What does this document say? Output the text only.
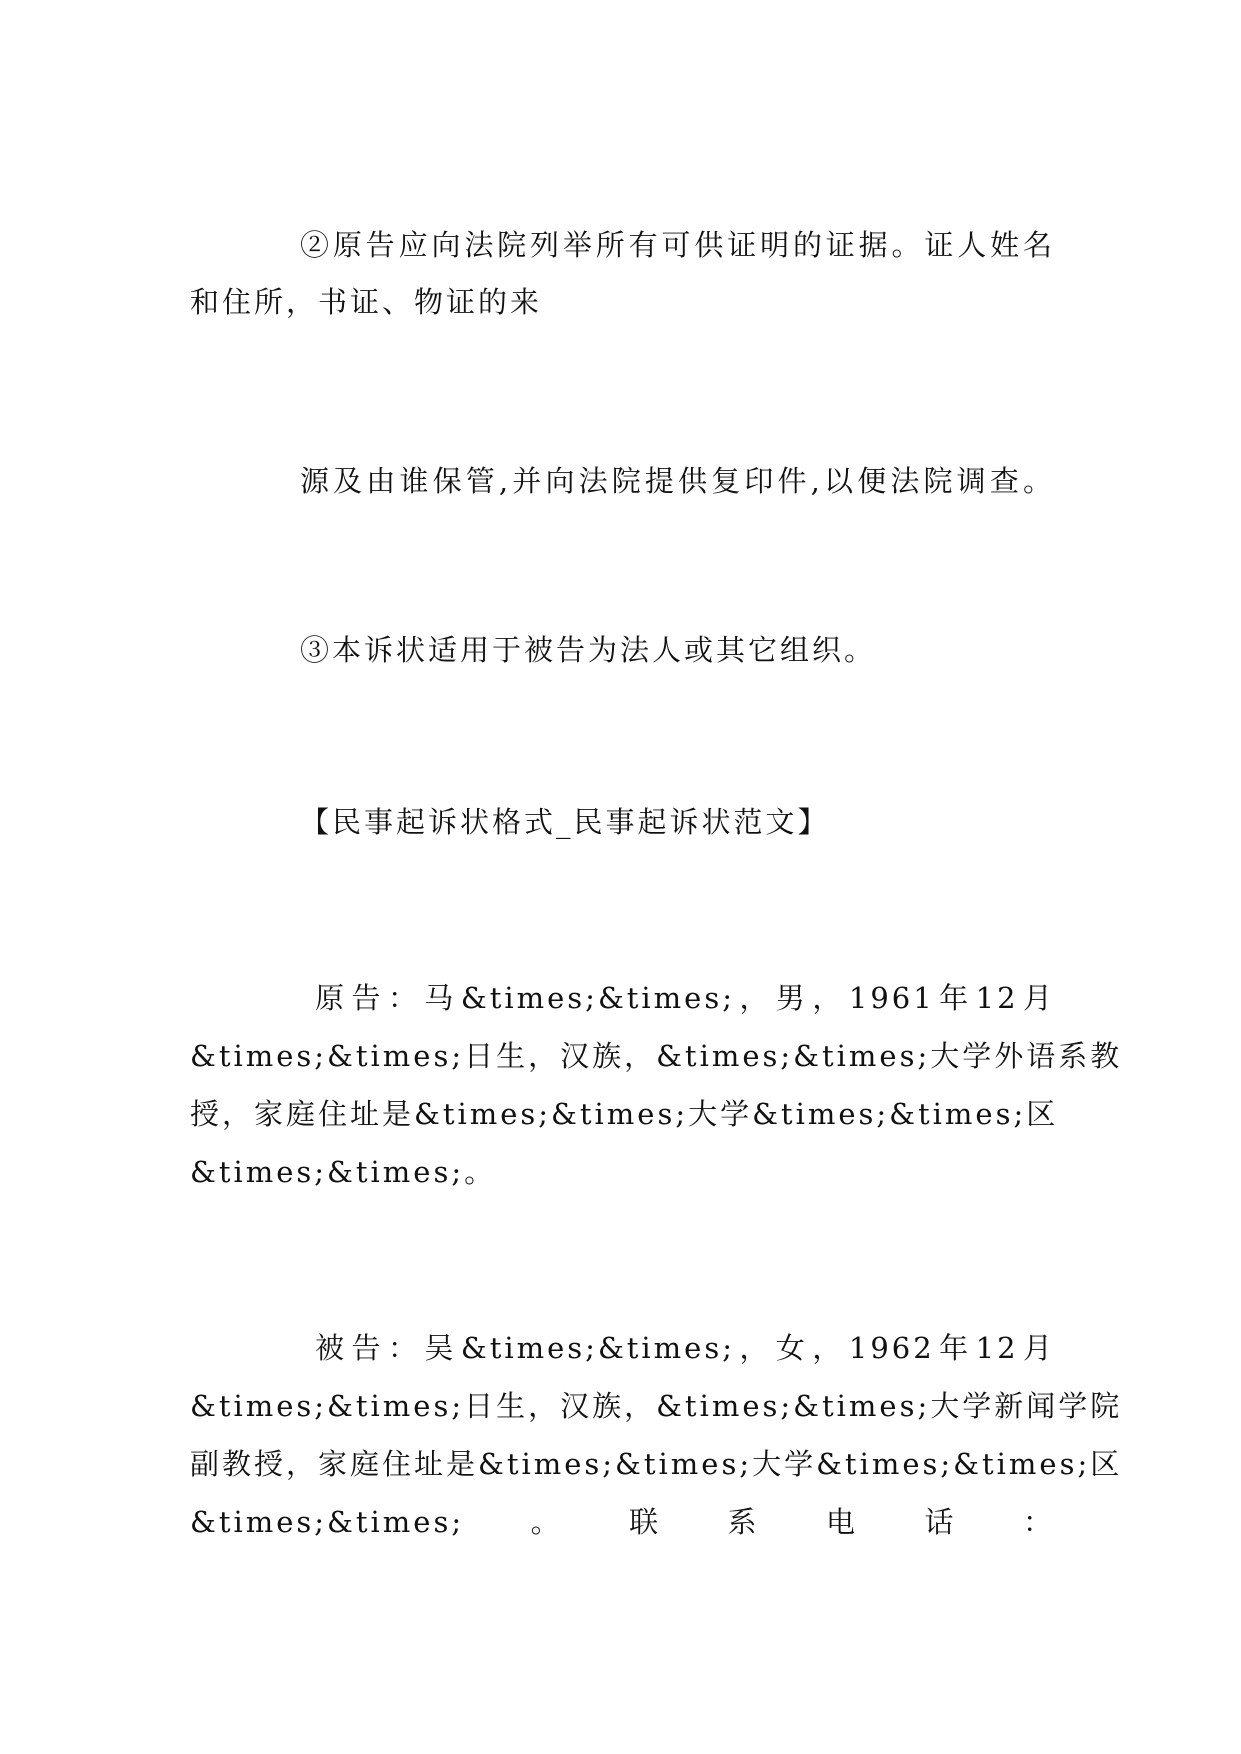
②原告应向法院列举所有可供证明的证据。证人姓名
和住所，书证、物证的来
源及由谁保管,并向法院提供复印件,以便法院调查。
③本诉状适用于被告为法人或其它组织。
【民事起诉状格式_民事起诉状范文】
原告：马&times;&times;，男，1961年12月
&times;&times;日生，汉族，&times;&times;大学外语系教
授，家庭住址是&times;&times;大学&times;&times;区
&times;&times;。
被告：吴&times;&times;，女，1962年12月
&times;&times;日生，汉族，&times;&times;大学新闻学院
副教授，家庭住址是&times;&times;大学&times;&times;区
&times;&times;。联系电话：
